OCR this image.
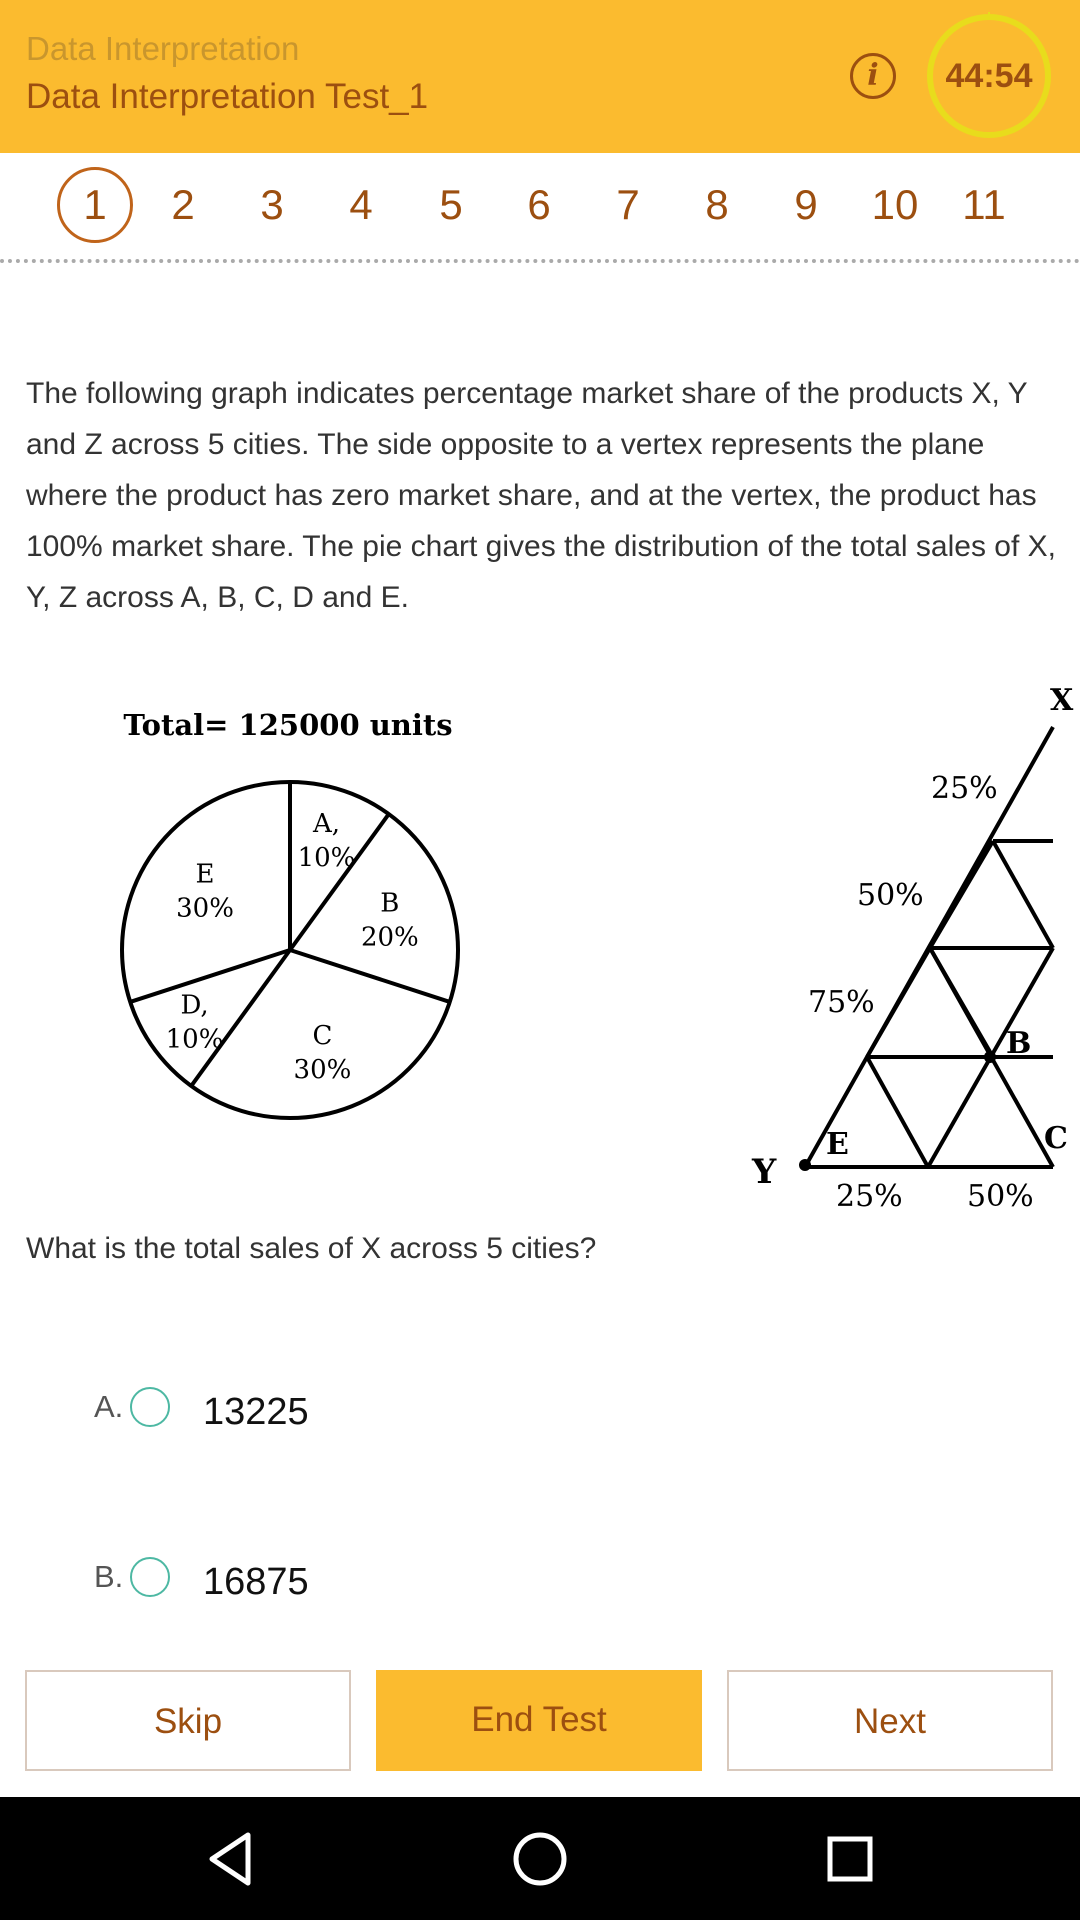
Data Interpretation
Data Interpretation Test_1
i	44:54
1	2	3	4	5	6	7	8	9	10	11
The following graph indicates percentage market share of the products X, Y and Z across 5 cities. The side opposite to a vertex represents the plane where the product has zero market share, and at the vertex, the product has 100% market share. The pie chart gives the distribution of the total sales of X, Y, Z across A, B, C, D and E.
Total= 125000 units
A,
10%
B
20%
C
30%
D,
10%
E
30%
X
Y
25%
50%
75%
25% 50%
B
E	C
What is the total sales of X across 5 cities?
A. 13225
B. 16875
Skip	End Test	Next
